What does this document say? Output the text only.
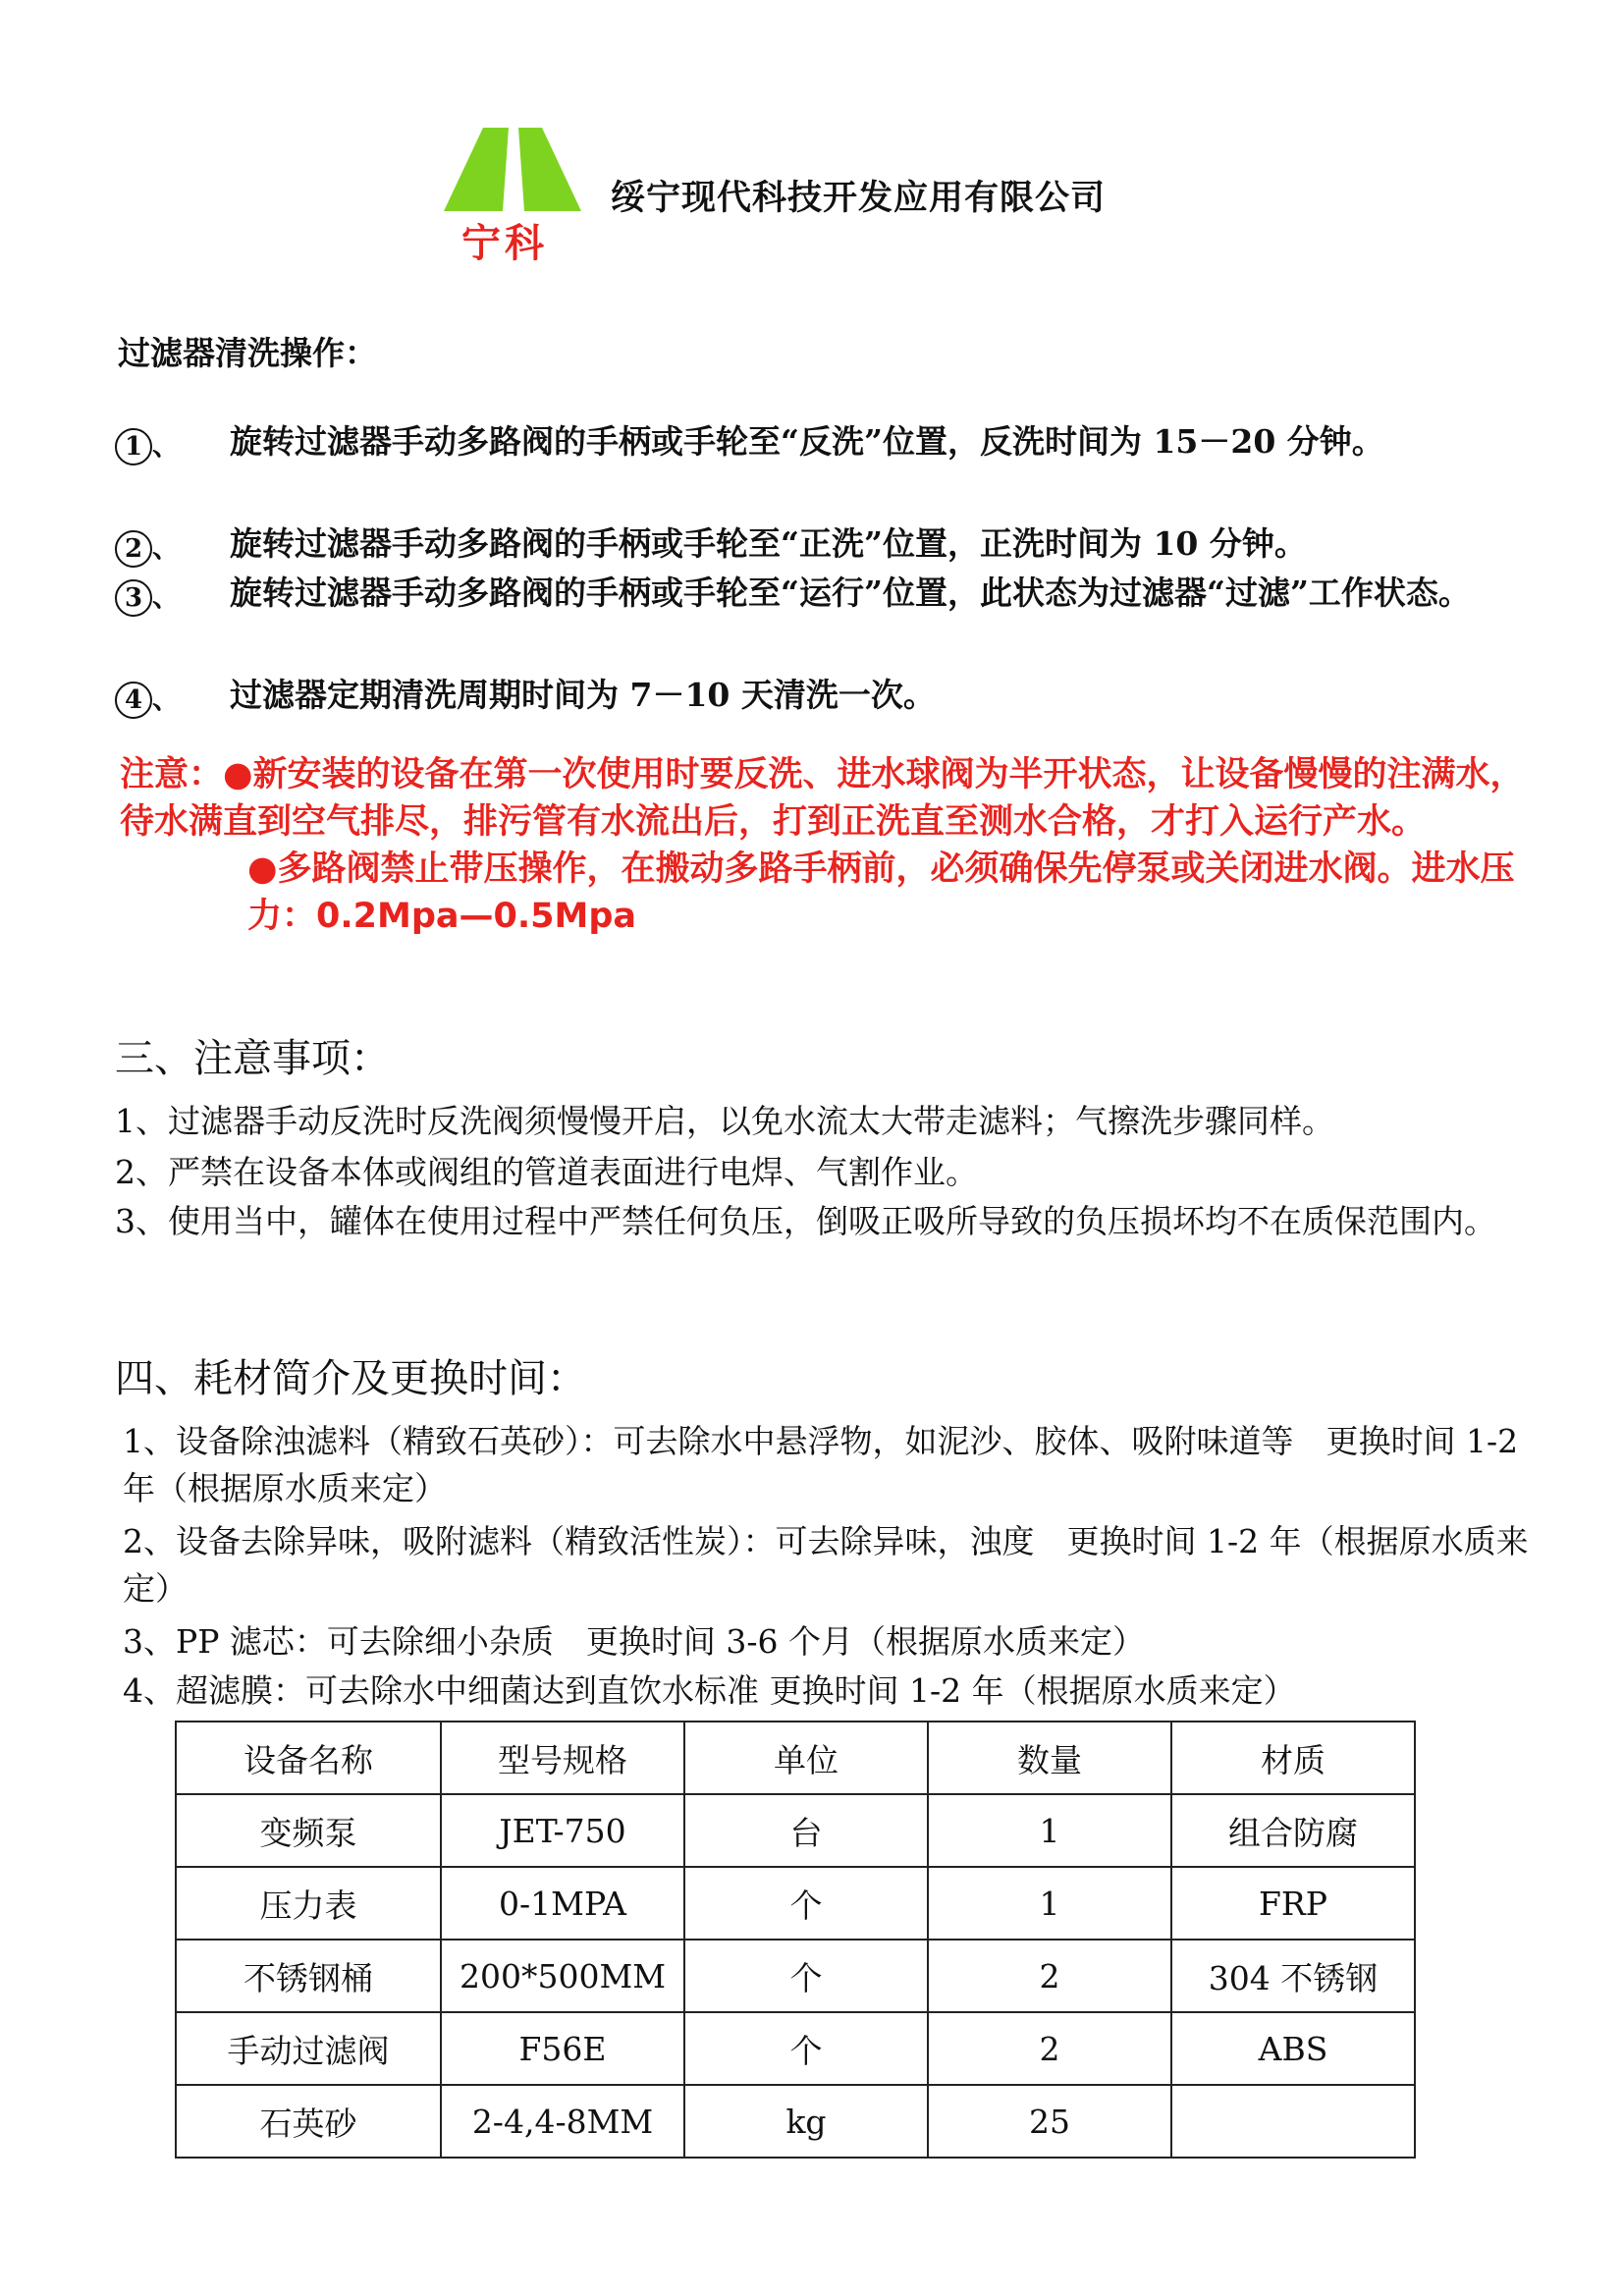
宁科
绥宁现代科技开发应用有限公司
过滤器清洗操作：
1 、 旋转过滤器手动多路阀的手柄或手轮至“反洗”位置，反洗时间为 15－20 分钟。
2 、 旋转过滤器手动多路阀的手柄或手轮至“正洗”位置，正洗时间为 10 分钟。
3 、 旋转过滤器手动多路阀的手柄或手轮至“运行”位置，此状态为过滤器“过滤”工作状态。
4 、 过滤器定期清洗周期时间为 7－10 天清洗一次。

注意：●新安装的设备在第一次使用时要反洗、进水球阀为半开状态，让设备慢慢的注满水，待水满直到空气排尽，排污管有水流出后，打到正洗直至测水合格，才打入运行产水。

●多路阀禁止带压操作，在搬动多路手柄前，必须确保先停泵或关闭进水阀。进水压力：0.2Mpa—0.5Mpa

三、注意事项：
1、过滤器手动反洗时反洗阀须慢慢开启，以免水流太大带走滤料；气擦洗步骤同样。
2、严禁在设备本体或阀组的管道表面进行电焊、气割作业。
3、使用当中，罐体在使用过程中严禁任何负压，倒吸正吸所导致的负压损坏均不在质保范围内。
四、耗材简介及更换时间：
1、设备除浊滤料（精致石英砂）：可去除水中悬浮物，如泥沙、胶体、吸附味道等　更换时间 1-2 年（根据原水质来定）
2、设备去除异味，吸附滤料（精致活性炭）：可去除异味，浊度　更换时间 1-2 年（根据原水质来定）
3、PP 滤芯：可去除细小杂质　更换时间 3-6 个月（根据原水质来定）
4、超滤膜：可去除水中细菌达到直饮水标准 更换时间 1-2 年（根据原水质来定）
设备名称	型号规格	单位	数量	材质
变频泵	JET-750	台	1	组合防腐
压力表	0-1MPA	个	1	FRP
不锈钢桶	200*500MM	个	2	304 不锈钢
手动过滤阀	F56E	个	2	ABS
石英砂	2-4,4-8MM	kg	25	
